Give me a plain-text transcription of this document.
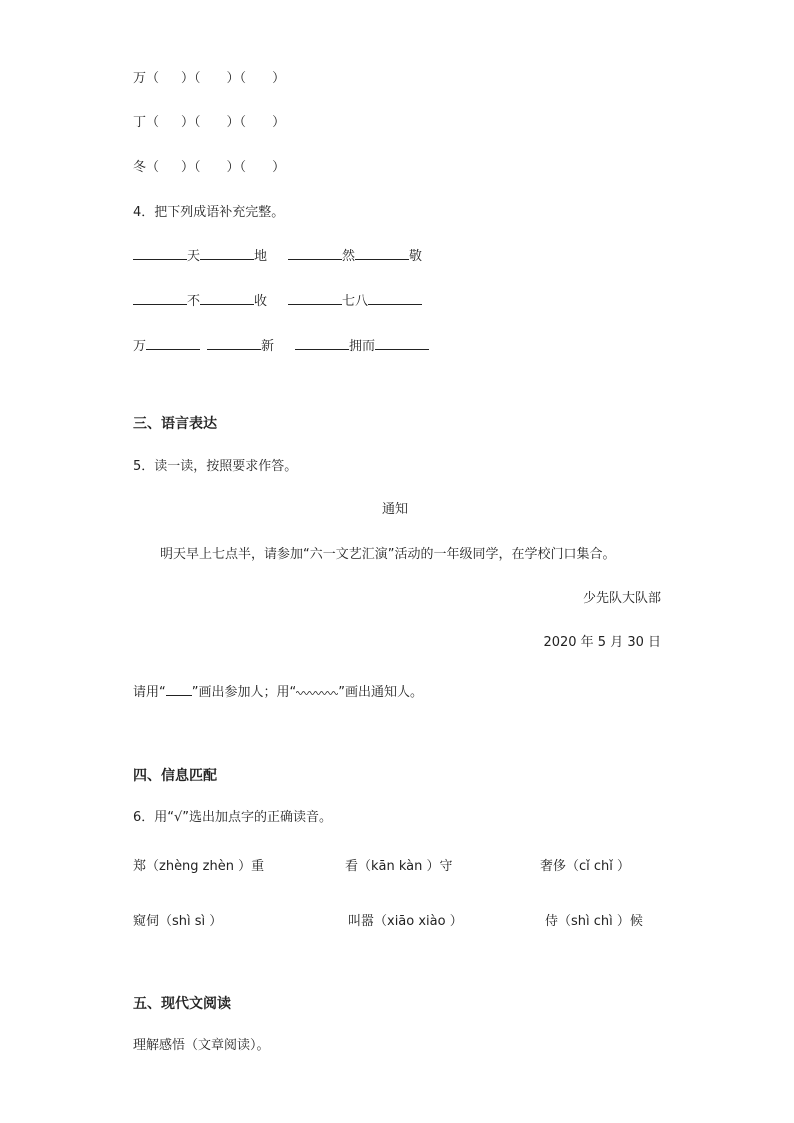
万（ ）（ ）（ ）
丁（ ）（ ）（ ）
冬（ ）（ ）（ ）
4．把下列成语补充完整。
天	地	然	敬
不	收	七八
万	新	拥而
三、语言表达
5．读一读，按照要求作答。
通知
明天早上七点半，请参加“六一文艺汇演”活动的一年级同学，在学校门口集合。
少先队大队部
2020 年 5 月 30 日
请用“ ”画出参加人；用“	”画出通知人。
四、信息匹配
6．用“√”选出加点字的正确读音。
郑（zhèng zhèn ）重	看（kān kàn ）守	奢侈（cǐ chǐ ）
窥伺（shì sì ）	叫嚣（xiāo xiào ）	侍（shì chì ）候
五、现代文阅读
理解感悟（文章阅读）。
